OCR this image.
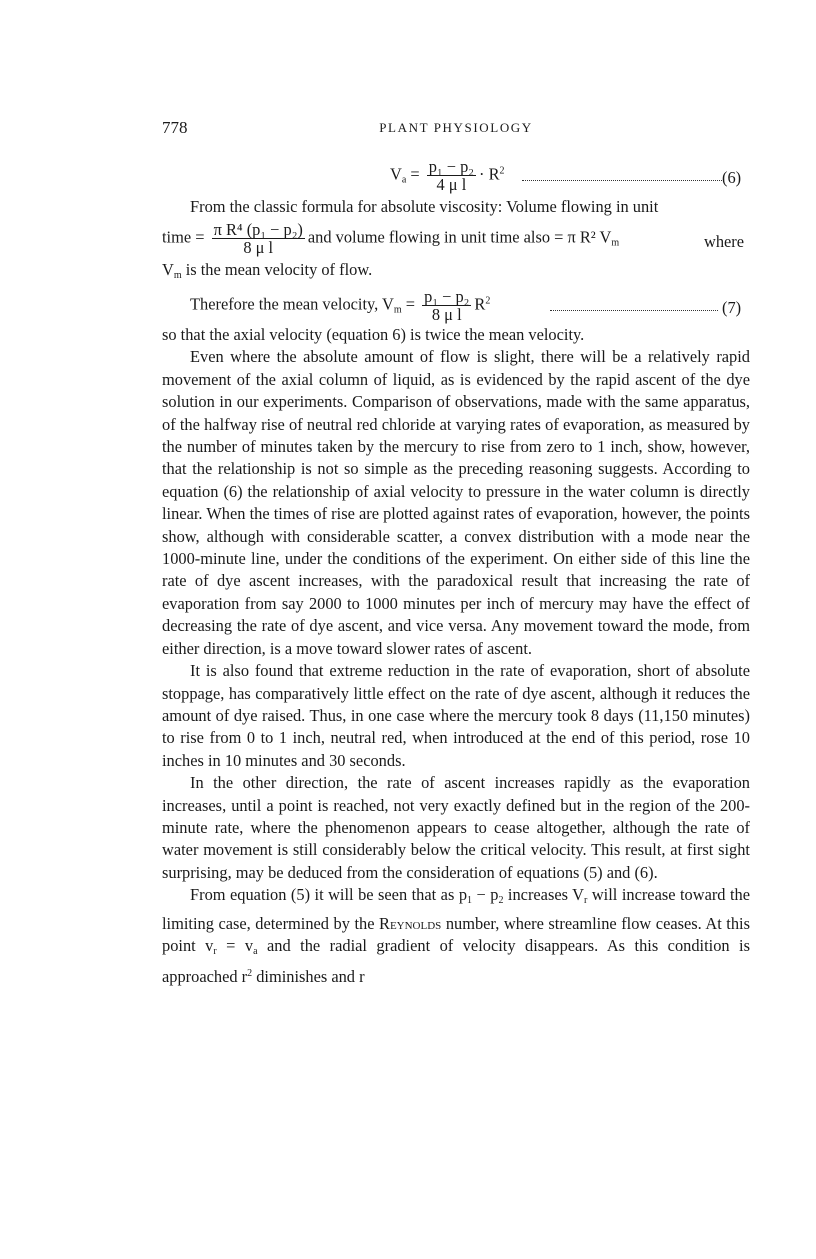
778	PLANT PHYSIOLOGY
$V_a = \frac{\text{p₁ − p₂}}{\text{4 μ l}} \cdot R^2$	(6)

From the classic formula for absolute viscosity: Volume flowing in unit

time = $\frac{\text{π R⁴ (p₁ − p₂)}}{\text{8 μ l}}$ and volume flowing in unit time also = π R² $V_m$	where

$V_m$ is the mean velocity of flow.

Therefore the mean velocity, $V_m = \frac{\text{p₁ − p₂}}{\text{8 μ l}} R^2$	(7)

so that the axial velocity (equation 6) is twice the mean velocity.

Even where the absolute amount of flow is slight, there will be a relatively rapid movement of the axial column of liquid, as is evidenced by the rapid ascent of the dye solution in our experiments. Comparison of observations, made with the same apparatus, of the halfway rise of neutral red chloride at varying rates of evaporation, as measured by the number of minutes taken by the mercury to rise from zero to 1 inch, show, however, that the relationship is not so simple as the preceding reasoning suggests. According to equation (6) the relationship of axial velocity to pressure in the water column is directly linear. When the times of rise are plotted against rates of evaporation, however, the points show, although with considerable scatter, a convex distribution with a mode near the 1000-minute line, under the conditions of the experiment. On either side of this line the rate of dye ascent increases, with the paradoxical result that increasing the rate of evaporation from say 2000 to 1000 minutes per inch of mercury may have the effect of decreasing the rate of dye ascent, and vice versa. Any movement toward the mode, from either direction, is a move toward slower rates of ascent.

It is also found that extreme reduction in the rate of evaporation, short of absolute stoppage, has comparatively little effect on the rate of dye ascent, although it reduces the amount of dye raised. Thus, in one case where the mercury took 8 days (11,150 minutes) to rise from 0 to 1 inch, neutral red, when introduced at the end of this period, rose 10 inches in 10 minutes and 30 seconds.

In the other direction, the rate of ascent increases rapidly as the evaporation increases, until a point is reached, not very exactly defined but in the region of the 200-minute rate, where the phenomenon appears to cease altogether, although the rate of water movement is still considerably below the critical velocity. This result, at first sight surprising, may be deduced from the consideration of equations (5) and (6).

From equation (5) it will be seen that as $p_1 - p_2$ increases $V_r$ will increase toward the limiting case, determined by the Reynolds number, where streamline flow ceases. At this point $v_r = v_a$ and the radial gradient of velocity disappears. As this condition is approached $r^2$ diminishes and r
